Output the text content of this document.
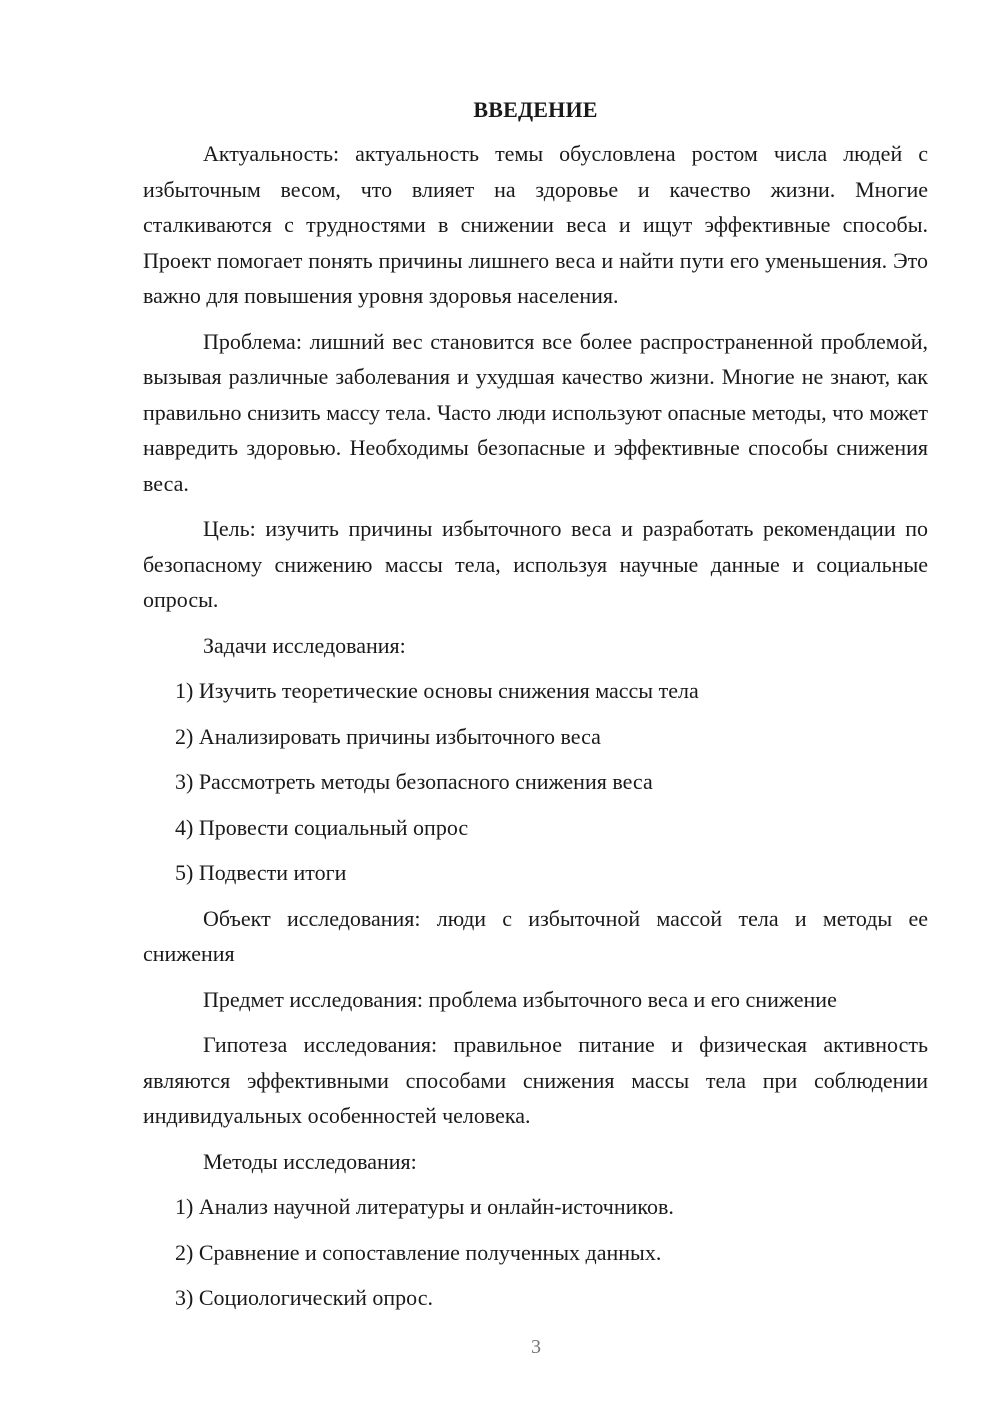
ВВЕДЕНИЕ

Актуальность: актуальность темы обусловлена ростом числа людей с избыточным весом, что влияет на здоровье и качество жизни. Многие сталкиваются с трудностями в снижении веса и ищут эффективные способы. Проект помогает понять причины лишнего веса и найти пути его уменьшения. Это важно для повышения уровня здоровья населения.

Проблема: лишний вес становится все более распространенной проблемой, вызывая различные заболевания и ухудшая качество жизни. Многие не знают, как правильно снизить массу тела. Часто люди используют опасные методы, что может навредить здоровью. Необходимы безопасные и эффективные способы снижения веса.

Цель: изучить причины избыточного веса и разработать рекомендации по безопасному снижению массы тела, используя научные данные и социальные опросы.

Задачи исследования:
1) Изучить теоретические основы снижения массы тела
2) Анализировать причины избыточного веса
3) Рассмотреть методы безопасного снижения веса
4) Провести социальный опрос
5) Подвести итоги

Объект исследования: люди с избыточной массой тела и методы ее снижения

Предмет исследования: проблема избыточного веса и его снижение

Гипотеза исследования: правильное питание и физическая активность являются эффективными способами снижения массы тела при соблюдении индивидуальных особенностей человека.

Методы исследования:
1) Анализ научной литературы и онлайн-источников.
2) Сравнение и сопоставление полученных данных.
3) Социологический опрос.
3
